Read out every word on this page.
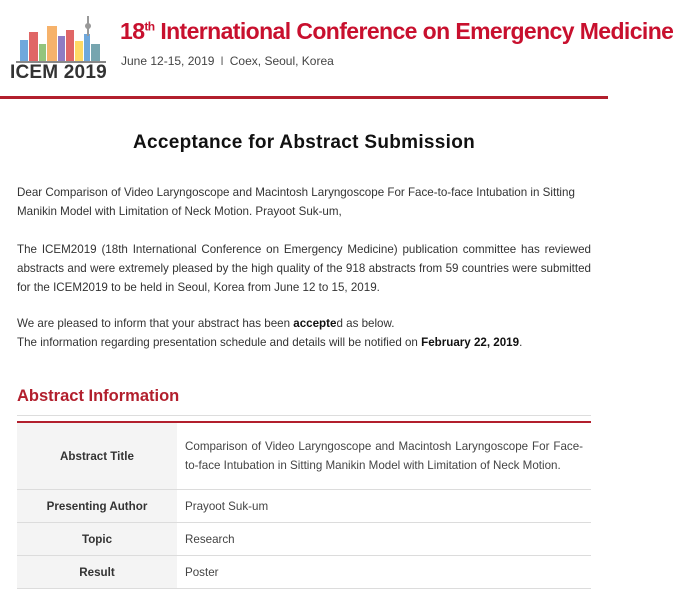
ICEM 2019
18th International Conference on Emergency Medicine
June 12-15, 2019 I Coex, Seoul, Korea
Acceptance for Abstract Submission
Dear Comparison of Video Laryngoscope and Macintosh Laryngoscope For Face-to-face Intubation in Sitting Manikin Model with Limitation of Neck Motion. Prayoot Suk-um,
The ICEM2019 (18th International Conference on Emergency Medicine) publication committee has reviewed abstracts and were extremely pleased by the high quality of the 918 abstracts from 59 countries were submitted for the ICEM2019 to be held in Seoul, Korea from June 12 to 15, 2019.
We are pleased to inform that your abstract has been accepted as below.
The information regarding presentation schedule and details will be notified on February 22, 2019.
Abstract Information
Abstract Title	Comparison of Video Laryngoscope and Macintosh Laryngoscope For Face-to-face Intubation in Sitting Manikin Model with Limitation of Neck Motion.
Presenting Author	Prayoot Suk-um
Topic	Research
Result	Poster
